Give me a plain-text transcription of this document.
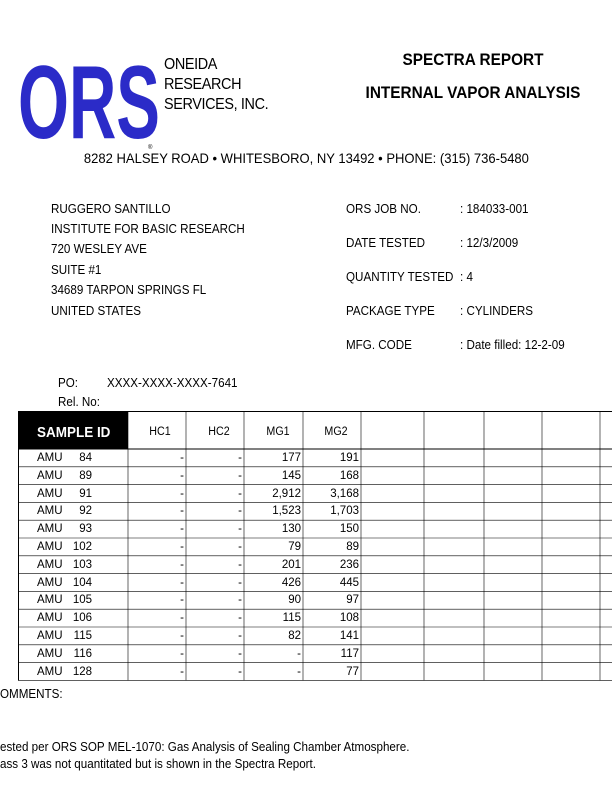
ORS
®
ONEIDA
RESEARCH
SERVICES, INC.
SPECTRA REPORT
INTERNAL VAPOR ANALYSIS
8282 HALSEY ROAD • WHITESBORO, NY 13492 • PHONE: (315) 736-5480
RUGGERO SANTILLO
INSTITUTE FOR BASIC RESEARCH
720 WESLEY AVE
SUITE #1
34689 TARPON SPRINGS FL
UNITED STATES
ORS JOB NO.	: 184033-001
DATE TESTED	: 12/3/2009
QUANTITY TESTED : 4
PACKAGE TYPE : CYLINDERS
MFG. CODE	: Date filled: 12-2-09
PO: XXXX-XXXX-XXXX-7641
Rel. No:
SAMPLE ID	HC1	HC2	MG1	MG2
AMU	84	-	-	177	191
AMU	89	-	-	145	168
AMU	91	-	-	2,912	3,168
AMU	92	-	-	1,523	1,703
AMU	93	-	-	130	150
AMU 102	-	-	79	89
AMU 103	-	-	201	236
AMU 104	-	-	426	445
AMU 105	-	-	90	97
AMU 106	-	-	115	108
AMU 115	-	-	82	141
AMU 116	-	-	-	117
AMU 128	-	-	-	77
OMMENTS:
ested per ORS SOP MEL-1070: Gas Analysis of Sealing Chamber Atmosphere.
ass 3 was not quantitated but is shown in the Spectra Report.
